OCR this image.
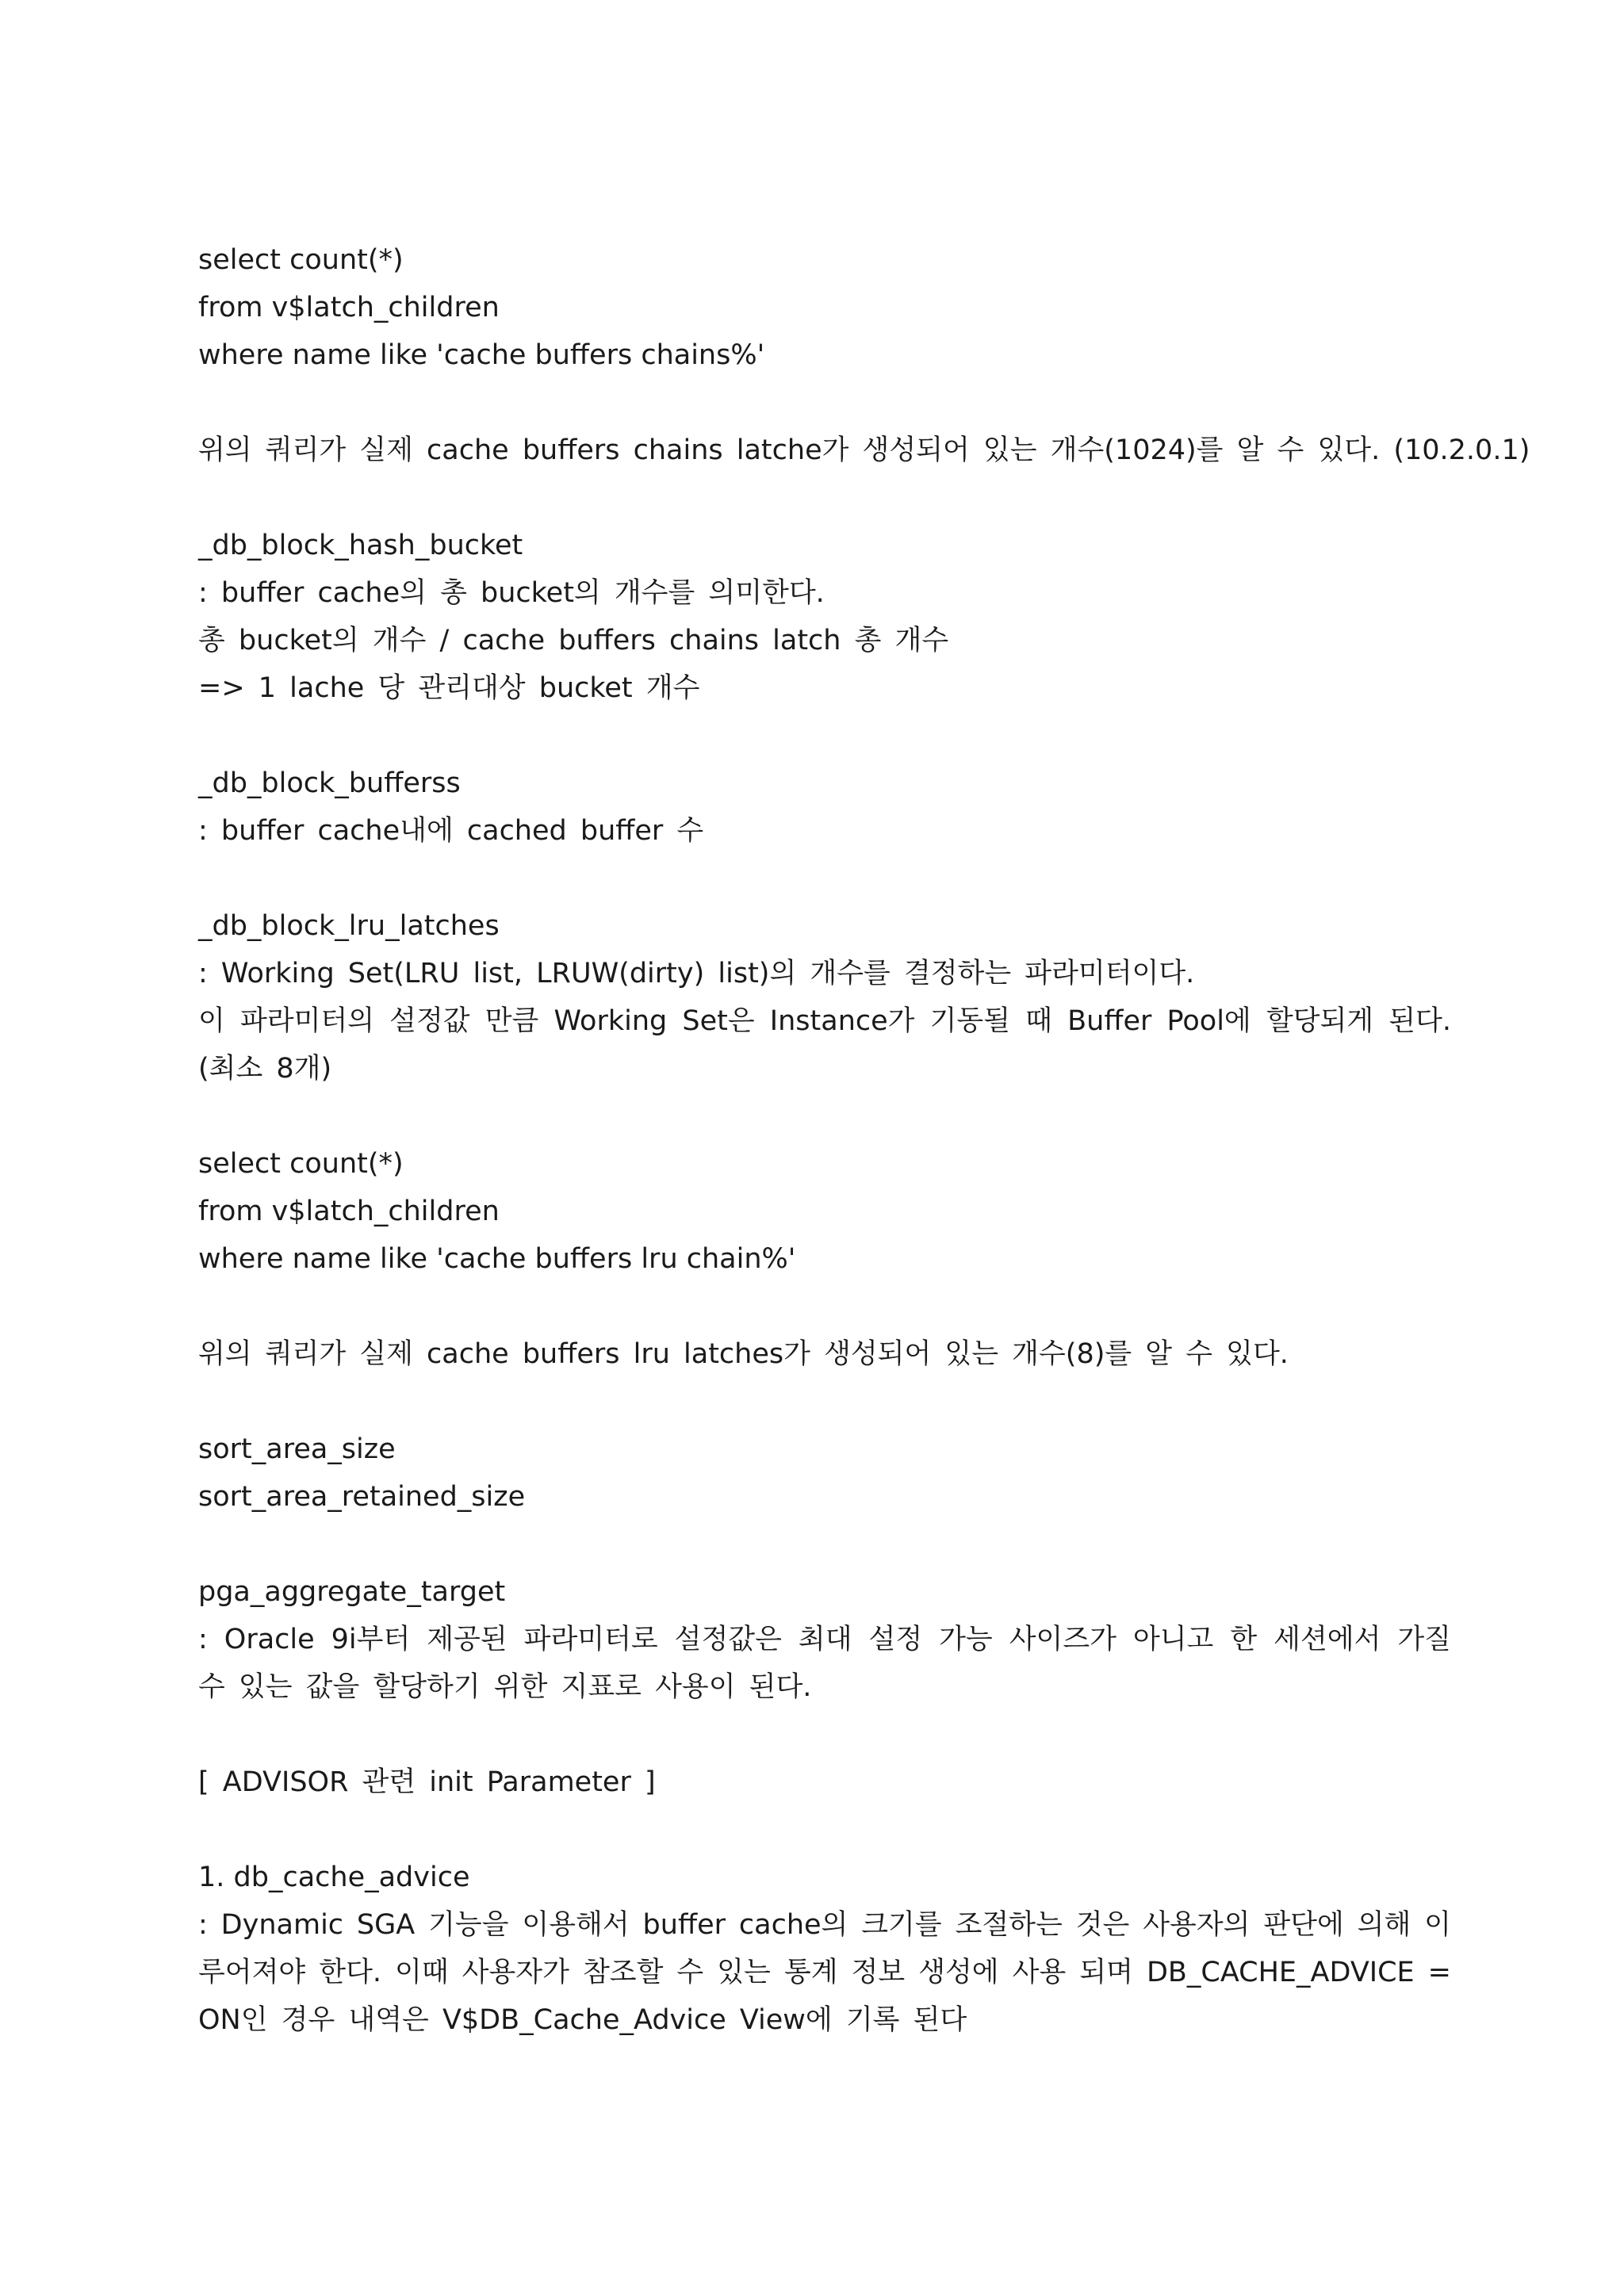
select count(*)
from v$latch_children
where name like 'cache buffers chains%'
위의 쿼리가 실제 cache buffers chains latche가 생성되어 있는 개수(1024)를 알 수 있다. (10.2.0.1)
_db_block_hash_bucket
: buffer cache의 총 bucket의 개수를 의미한다.
총 bucket의 개수 / cache buffers chains latch 총 개수
=> 1 lache 당 관리대상 bucket 개수
_db_block_bufferss
: buffer cache내에 cached buffer 수
_db_block_lru_latches
: Working Set(LRU list, LRUW(dirty) list)의 개수를 결정하는 파라미터이다.
이 파라미터의 설정값 만큼 Working Set은 Instance가 기동될 때 Buffer Pool에 할당되게 된다.
(최소 8개)
select count(*)
from v$latch_children
where name like 'cache buffers lru chain%'
위의 쿼리가 실제 cache buffers lru latches가 생성되어 있는 개수(8)를 알 수 있다.
sort_area_size
sort_area_retained_size
pga_aggregate_target
: Oracle 9i부터 제공된 파라미터로 설정값은 최대 설정 가능 사이즈가 아니고 한 세션에서 가질
수 있는 값을 할당하기 위한 지표로 사용이 된다.
[ ADVISOR 관련 init Parameter ]
1. db_cache_advice
: Dynamic SGA 기능을 이용해서 buffer cache의 크기를 조절하는 것은 사용자의 판단에 의해 이
루어져야 한다. 이때 사용자가 참조할 수 있는 통계 정보 생성에 사용 되며 DB_CACHE_ADVICE =
ON인 경우 내역은 V$DB_Cache_Advice View에 기록 된다
